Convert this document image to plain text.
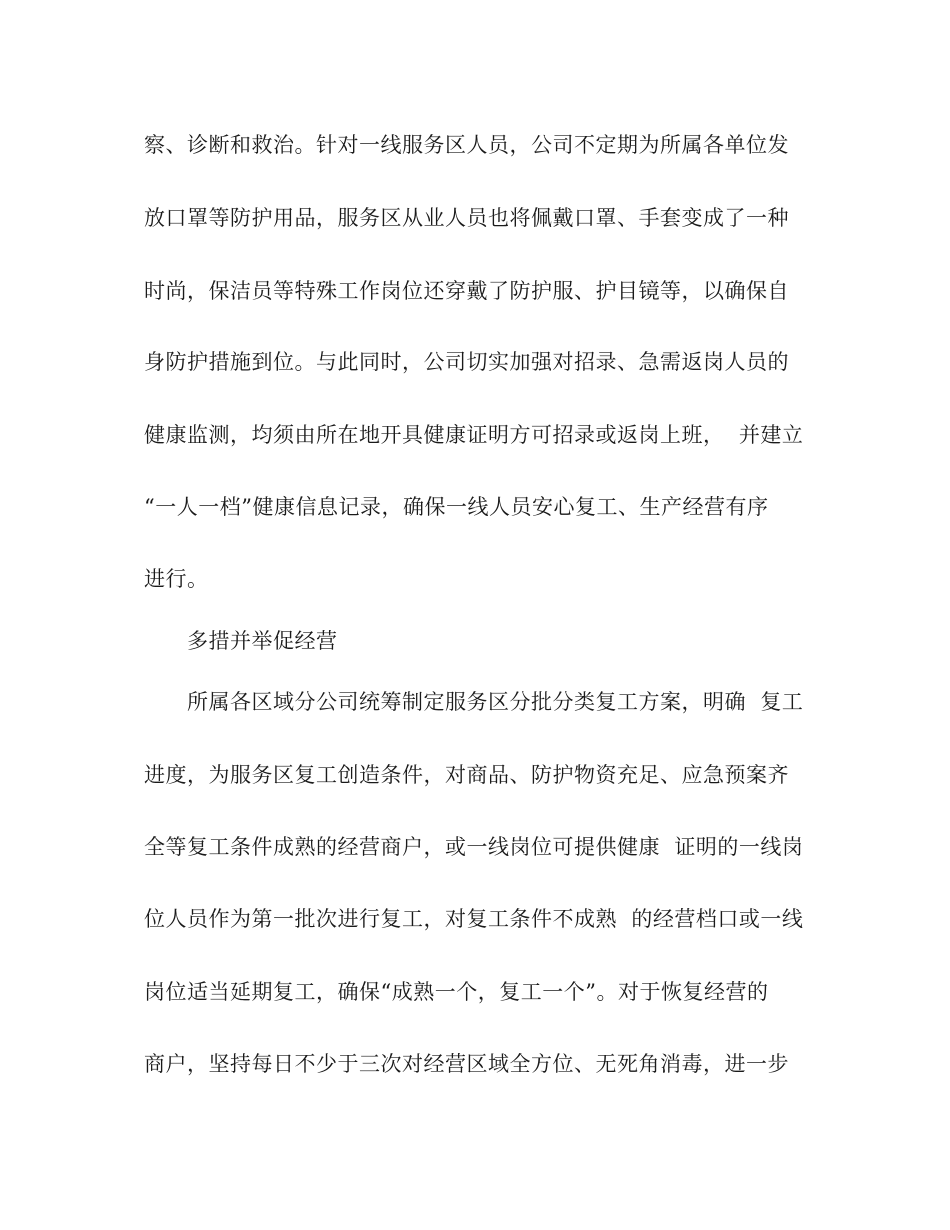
察、诊断和救治。针对一线服务区人员，公司不定期为所属各单位发
放口罩等防护用品，服务区从业人员也将佩戴口罩、手套变成了一种
时尚，保洁员等特殊工作岗位还穿戴了防护服、护目镜等，以确保自
身防护措施到位。与此同时，公司切实加强对招录、急需返岗人员的
健康监测，均须由所在地开具健康证明方可招录或返岗上班，  并建立
“一人一档”健康信息记录，确保一线人员安心复工、生产经营有序
进行。
多措并举促经营
所属各区域分公司统筹制定服务区分批分类复工方案，明确  复工
进度，为服务区复工创造条件，对商品、防护物资充足、应急预案齐
全等复工条件成熟的经营商户，或一线岗位可提供健康  证明的一线岗
位人员作为第一批次进行复工，对复工条件不成熟  的经营档口或一线
岗位适当延期复工，确保“成熟一个，复工一个”。对于恢复经营的
商户，坚持每日不少于三次对经营区域全方位、无死角消毒，进一步
